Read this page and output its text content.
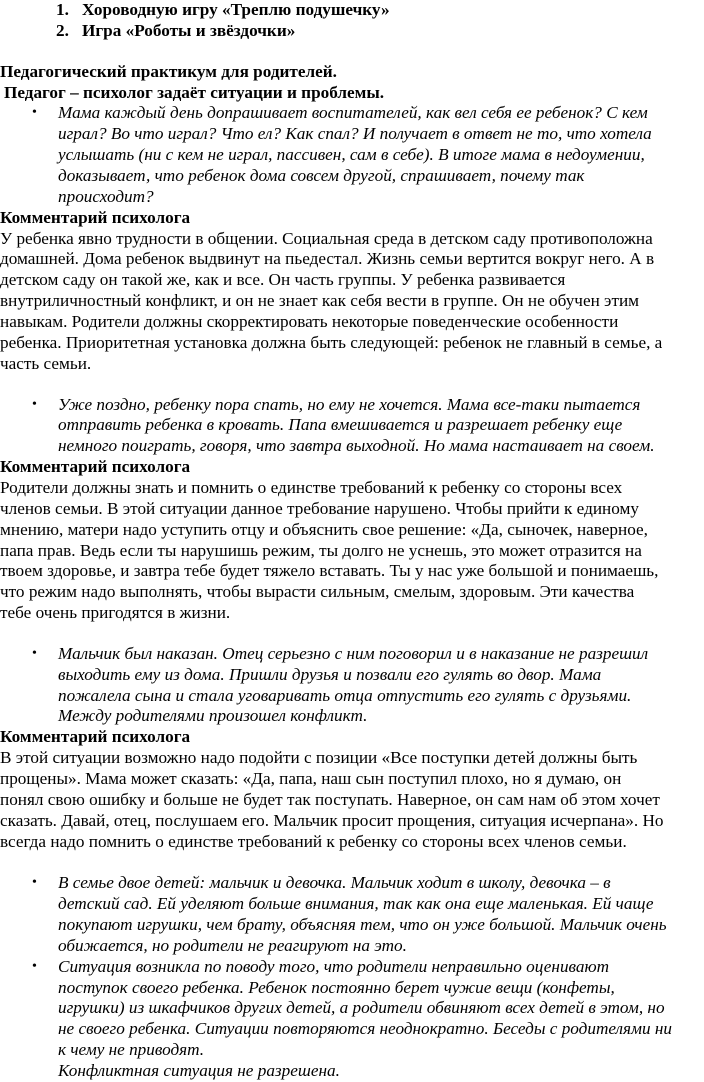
1. Хороводную игру «Треплю подушечку»
2. Игра «Роботы и звёздочки»
Педагогический практикум для родителей.
Педагог – психолог задаёт ситуации и проблемы.
• Мама каждый день допрашивает воспитателей, как вел себя ее ребенок? С кем
играл? Во что играл? Что ел? Как спал? И получает в ответ не то, что хотела
услышать (ни с кем не играл, пассивен, сам в себе). В итоге мама в недоумении,
доказывает, что ребенок дома совсем другой, спрашивает, почему так
происходит?
Комментарий психолога
У ребенка явно трудности в общении. Социальная среда в детском саду противоположна
домашней. Дома ребенок выдвинут на пьедестал. Жизнь семьи вертится вокруг него. А в
детском саду он такой же, как и все. Он часть группы. У ребенка развивается
внутриличностный конфликт, и он не знает как себя вести в группе. Он не обучен этим
навыкам. Родители должны скорректировать некоторые поведенческие особенности
ребенка. Приоритетная установка должна быть следующей: ребенок не главный в семье, а
часть семьи.
• Уже поздно, ребенку пора спать, но ему не хочется. Мама все-таки пытается
отправить ребенка в кровать. Папа вмешивается и разрешает ребенку еще
немного поиграть, говоря, что завтра выходной. Но мама настаивает на своем.
Комментарий психолога
Родители должны знать и помнить о единстве требований к ребенку со стороны всех
членов семьи. В этой ситуации данное требование нарушено. Чтобы прийти к единому
мнению, матери надо уступить отцу и объяснить свое решение: «Да, сыночек, наверное,
папа прав. Ведь если ты нарушишь режим, ты долго не уснешь, это может отразится на
твоем здоровье, и завтра тебе будет тяжело вставать. Ты у нас уже большой и понимаешь,
что режим надо выполнять, чтобы вырасти сильным, смелым, здоровым. Эти качества
тебе очень пригодятся в жизни.
• Мальчик был наказан. Отец серьезно с ним поговорил и в наказание не разрешил
выходить ему из дома. Пришли друзья и позвали его гулять во двор. Мама
пожалела сына и стала уговаривать отца отпустить его гулять с друзьями.
Между родителями произошел конфликт.
Комментарий психолога
В этой ситуации возможно надо подойти с позиции «Все поступки детей должны быть
прощены». Мама может сказать: «Да, папа, наш сын поступил плохо, но я думаю, он
понял свою ошибку и больше не будет так поступать. Наверное, он сам нам об этом хочет
сказать. Давай, отец, послушаем его. Мальчик просит прощения, ситуация исчерпана». Но
всегда надо помнить о единстве требований к ребенку со стороны всех членов семьи.
• В семье двое детей: мальчик и девочка. Мальчик ходит в школу, девочка – в
детский сад. Ей уделяют больше внимания, так как она еще маленькая. Ей чаще
покупают игрушки, чем брату, объясняя тем, что он уже большой. Мальчик очень
обижается, но родители не реагируют на это.
• Ситуация возникла по поводу того, что родители неправильно оценивают
поступок своего ребенка. Ребенок постоянно берет чужие вещи (конфеты,
игрушки) из шкафчиков других детей, а родители обвиняют всех детей в этом, но
не своего ребенка. Ситуации повторяются неоднократно. Беседы с родителями ни
к чему не приводят.
Конфликтная ситуация не разрешена.
